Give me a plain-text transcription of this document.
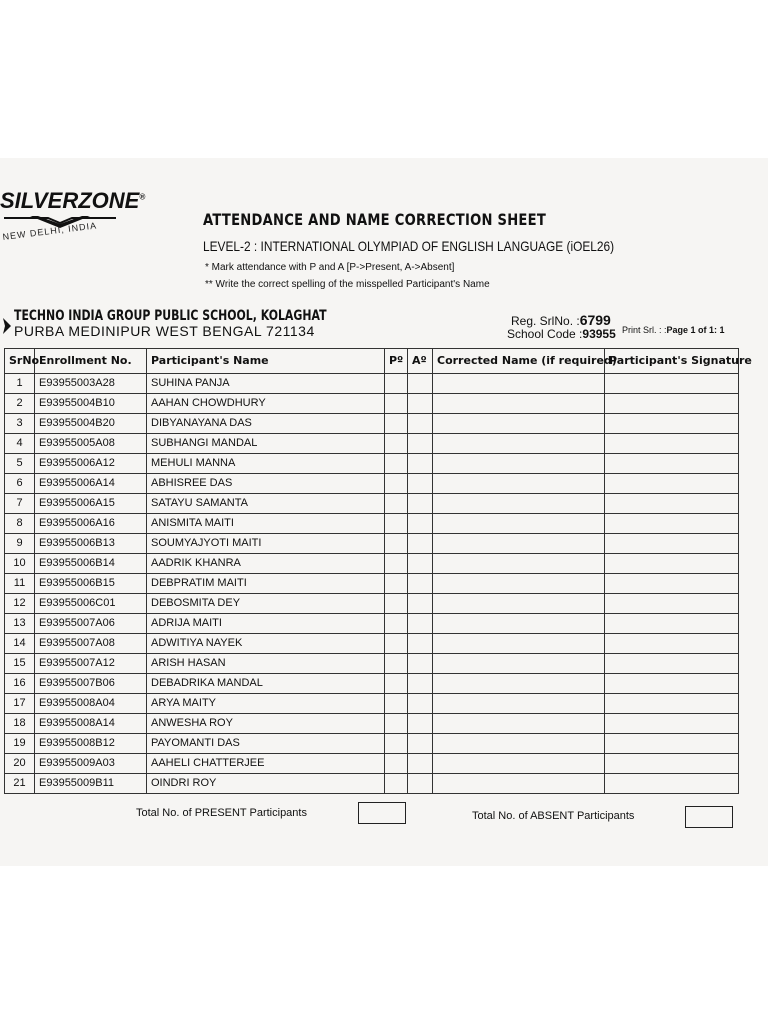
SILVERZONE®
NEW DELHI, INDIA
ATTENDANCE AND NAME CORRECTION SHEET
LEVEL-2 : INTERNATIONAL OLYMPIAD OF ENGLISH LANGUAGE (iOEL26)
* Mark attendance with P and A [P->Present, A->Absent]
** Write the correct spelling of the misspelled Participant's Name
TECHNO INDIA GROUP PUBLIC SCHOOL, KOLAGHAT
PURBA MEDINIPUR WEST BENGAL 721134
Reg. SrlNo. :6799
School Code :93955 Print Srl. : :Page 1 of 1: 1
SrNo.	Enrollment No.	Participant's Name	Pº	Aº	Corrected Name (if required)	Participant's Signature
1	E93955003A28	SUHINA PANJA				
2	E93955004B10	AAHAN CHOWDHURY				
3	E93955004B20	DIBYANAYANA DAS				
4	E93955005A08	SUBHANGI MANDAL				
5	E93955006A12	MEHULI MANNA				
6	E93955006A14	ABHISREE DAS				
7	E93955006A15	SATAYU SAMANTA				
8	E93955006A16	ANISMITA MAITI				
9	E93955006B13	SOUMYAJYOTI MAITI				
10	E93955006B14	AADRIK KHANRA				
11	E93955006B15	DEBPRATIM MAITI				
12	E93955006C01	DEBOSMITA DEY				
13	E93955007A06	ADRIJA MAITI				
14	E93955007A08	ADWITIYA NAYEK				
15	E93955007A12	ARISH HASAN				
16	E93955007B06	DEBADRIKA MANDAL				
17	E93955008A04	ARYA MAITY				
18	E93955008A14	ANWESHA ROY				
19	E93955008B12	PAYOMANTI DAS				
20	E93955009A03	AAHELI CHATTERJEE				
21	E93955009B11	OINDRI ROY				
Total No. of PRESENT Participants	Total No. of ABSENT Participants
